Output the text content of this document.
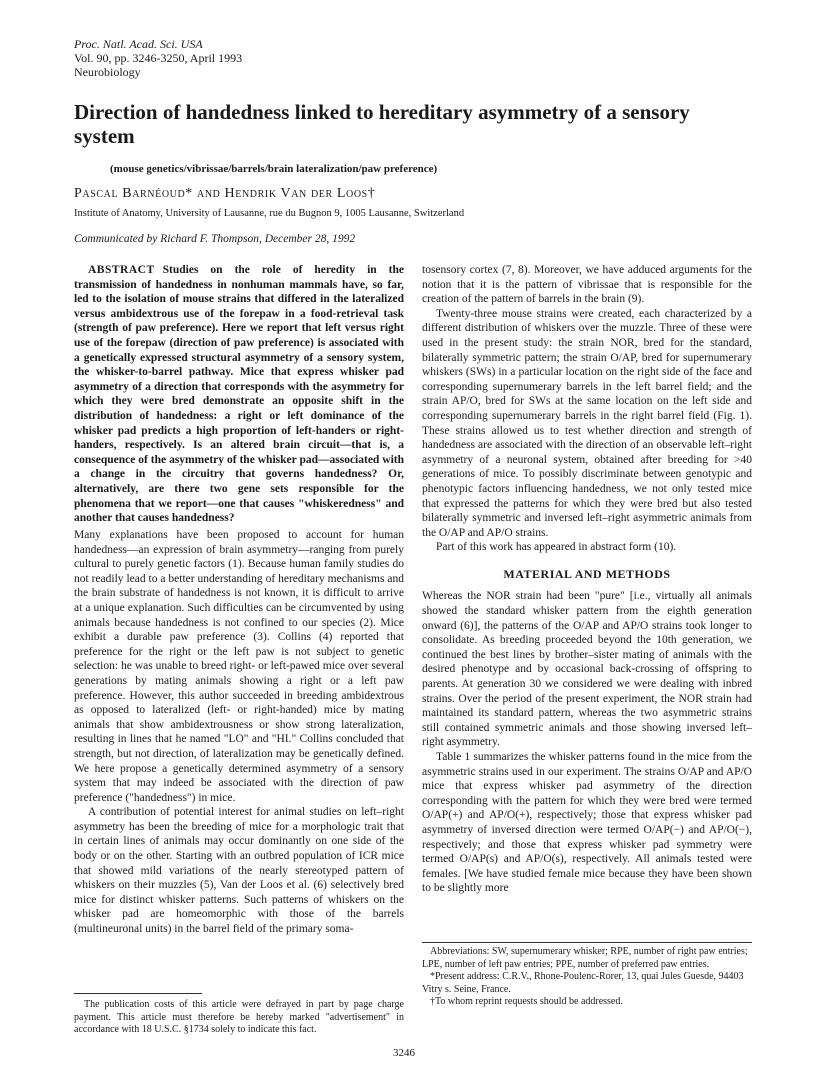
Proc. Natl. Acad. Sci. USA
Vol. 90, pp. 3246-3250, April 1993
Neurobiology
Direction of handedness linked to hereditary asymmetry of a sensory system
(mouse genetics/vibrissae/barrels/brain lateralization/paw preference)
Pascal Barnéoud* and Hendrik Van der Loos†
Institute of Anatomy, University of Lausanne, rue du Bugnon 9, 1005 Lausanne, Switzerland
Communicated by Richard F. Thompson, December 28, 1992

ABSTRACT Studies on the role of heredity in the transmission of handedness in nonhuman mammals have, so far, led to the isolation of mouse strains that differed in the lateralized versus ambidextrous use of the forepaw in a food-retrieval task (strength of paw preference). Here we report that left versus right use of the forepaw (direction of paw preference) is associated with a genetically expressed structural asymmetry of a sensory system, the whisker-to-barrel pathway. Mice that express whisker pad asymmetry of a direction that corresponds with the asymmetry for which they were bred demonstrate an opposite shift in the distribution of handedness: a right or left dominance of the whisker pad predicts a high proportion of left-handers or right-handers, respectively. Is an altered brain circuit—that is, a consequence of the asymmetry of the whisker pad—associated with a change in the circuitry that governs handedness? Or, alternatively, are there two gene sets responsible for the phenomena that we report—one that causes "whiskeredness" and another that causes handedness?

Many explanations have been proposed to account for human handedness—an expression of brain asymmetry—ranging from purely cultural to purely genetic factors (1). Because human family studies do not readily lead to a better understanding of hereditary mechanisms and the brain substrate of handedness is not known, it is difficult to arrive at a unique explanation. Such difficulties can be circumvented by using animals because handedness is not confined to our species (2). Mice exhibit a durable paw preference (3). Collins (4) reported that preference for the right or the left paw is not subject to genetic selection: he was unable to breed right- or left-pawed mice over several generations by mating animals showing a right or a left paw preference. However, this author succeeded in breeding ambidextrous as opposed to lateralized (left- or right-handed) mice by mating animals that show ambidextrousness or show strong lateralization, resulting in lines that he named "LO" and "HI." Collins concluded that strength, but not direction, of lateralization may be genetically defined. We here propose a genetically determined asymmetry of a sensory system that may indeed be associated with the direction of paw preference ("handedness") in mice.

A contribution of potential interest for animal studies on left–right asymmetry has been the breeding of mice for a morphologic trait that in certain lines of animals may occur dominantly on one side of the body or on the other. Starting with an outbred population of ICR mice that showed mild variations of the nearly stereotyped pattern of whiskers on their muzzles (5), Van der Loos et al. (6) selectively bred mice for distinct whisker patterns. Such patterns of whiskers on the whisker pad are homeomorphic with those of the barrels (multineuronal units) in the barrel field of the primary soma-

tosensory cortex (7, 8). Moreover, we have adduced arguments for the notion that it is the pattern of vibrissae that is responsible for the creation of the pattern of barrels in the brain (9).

Twenty-three mouse strains were created, each characterized by a different distribution of whiskers over the muzzle. Three of these were used in the present study: the strain NOR, bred for the standard, bilaterally symmetric pattern; the strain O/AP, bred for supernumerary whiskers (SWs) in a particular location on the right side of the face and corresponding supernumerary barrels in the left barrel field; and the strain AP/O, bred for SWs at the same location on the left side and corresponding supernumerary barrels in the right barrel field (Fig. 1). These strains allowed us to test whether direction and strength of handedness are associated with the direction of an observable left–right asymmetry of a neuronal system, obtained after breeding for >40 generations of mice. To possibly discriminate between genotypic and phenotypic factors influencing handedness, we not only tested mice that expressed the patterns for which they were bred but also tested bilaterally symmetric and inversed left–right asymmetric animals from the O/AP and AP/O strains.

Part of this work has appeared in abstract form (10).

MATERIAL AND METHODS

Whereas the NOR strain had been "pure" [i.e., virtually all animals showed the standard whisker pattern from the eighth generation onward (6)], the patterns of the O/AP and AP/O strains took longer to consolidate. As breeding proceeded beyond the 10th generation, we continued the best lines by brother–sister mating of animals with the desired phenotype and by occasional back-crossing of offspring to parents. At generation 30 we considered we were dealing with inbred strains. Over the period of the present experiment, the NOR strain had maintained its standard pattern, whereas the two asymmetric strains still contained symmetric animals and those showing inversed left–right asymmetry.

Table 1 summarizes the whisker patterns found in the mice from the asymmetric strains used in our experiment. The strains O/AP and AP/O mice that express whisker pad asymmetry of the direction corresponding with the pattern for which they were bred were termed O/AP(+) and AP/O(+), respectively; those that express whisker pad asymmetry of inversed direction were termed O/AP(−) and AP/O(−), respectively; and those that express whisker pad symmetry were termed O/AP(s) and AP/O(s), respectively. All animals tested were females. [We have studied female mice because they have been shown to be slightly more

Abbreviations: SW, supernumerary whisker; RPE, number of right paw entries; LPE, number of left paw entries; PPE, number of preferred paw entries.

*Present address: C.R.V., Rhone-Poulenc-Rorer, 13, quai Jules Guesde, 94403 Vitry s. Seine, France.

†To whom reprint requests should be addressed.

The publication costs of this article were defrayed in part by page charge payment. This article must therefore be hereby marked "advertisement" in accordance with 18 U.S.C. §1734 solely to indicate this fact.

3246
